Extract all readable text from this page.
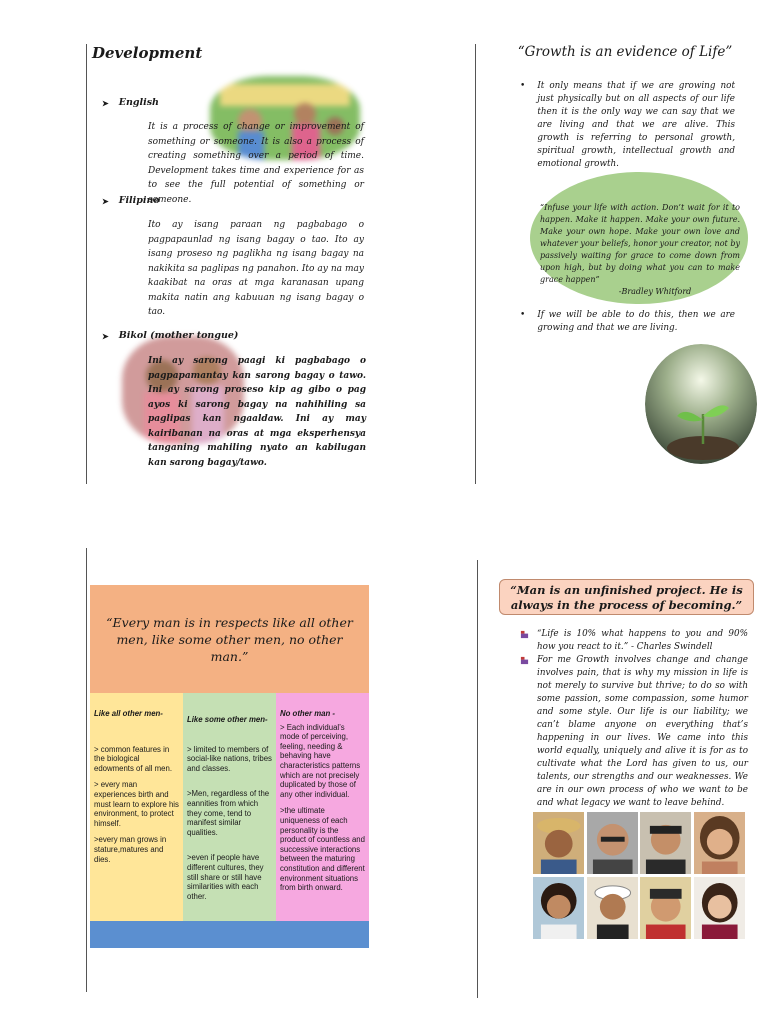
Development
➤ English
It is a process of change or improvement of something or someone. It is also a process of creating something over a period of time. Development takes time and experience for as to see the full potential of something or someone.
➤ Filipino
Ito ay isang paraan ng pagbabago o pagpapaunlad ng isang bagay o tao. Ito ay isang proseso ng paglikha ng isang bagay na nakikita sa paglipas ng panahon. Ito ay na may kaakibat na oras at mga karanasan upang makita natin ang kabuuan ng isang bagay o tao.
➤ Bikol (mother tongue)
Ini ay sarong paagi ki pagbabago o pagpapamantay kan sarong bagay o tawo. Ini ay sarong proseso kip ag gibo o pag ayos ki sarong bagay na nahihiling sa paglipas kan ngaaldaw. Ini ay may kairibanan na oras at mga eksperhensya tanganing mahiling nyato an kabilugan kan sarong bagay/tawo.
“Growth is an evidence of Life”
• It only means that if we are growing not just physically but on all aspects of our life then it is the only way we can say that we are living and that we are alive. This growth is referring to personal growth, spiritual growth, intellectual growth and emotional growth.
“Infuse your life with action. Don’t wait for it to happen. Make it happen. Make your own future. Make your own hope. Make your own love and whatever your beliefs, honor your creator, not by passively waiting for grace to come down from upon high, but by doing what you can to make grace happen”
-Bradley Whitford
• If we will be able to do this, then we are growing and that we are living.
“Every man is in respects like all other men, like some other men, no other man.”
Like all other men-

> common features in the biological edowments of all men.

> every man experiences birth and must learn to explore his environment, to protect himself.

>every man grows in stature,matures and dies.

Like some other men-

> limited to members of social-like nations, tribes and classes.

>Men, regardless of the eannities from which they come, tend to manifest similar qualities.

>even if people have different cultures, they still share or still have similarities with each other.

No other man -

> Each individual’s mode of perceiving, feeling, needing & behaving have characteristics patterns which are not precisely duplicated by those of any other individual.

>the ultimate uniqueness of each personality is the product of countless and successive interactions between the maturing constitution and different environment situations from birth onward.

“Man is an unfinished project. He is always in the process of becoming.”
“Life is 10% what happens to you and 90% how you react to it.” - Charles Swindell
For me Growth involves change and change involves pain, that is why my mission in life is not merely to survive but thrive; to do so with some passion, some compassion, some humor and some style. Our life is our liability; we can’t blame anyone on everything that’s happening in our lives. We came into this world equally, uniquely and alive it is for as to cultivate what the Lord has given to us, our talents, our strengths and our weaknesses. We are in our own process of who we want to be and what legacy we want to leave behind.
